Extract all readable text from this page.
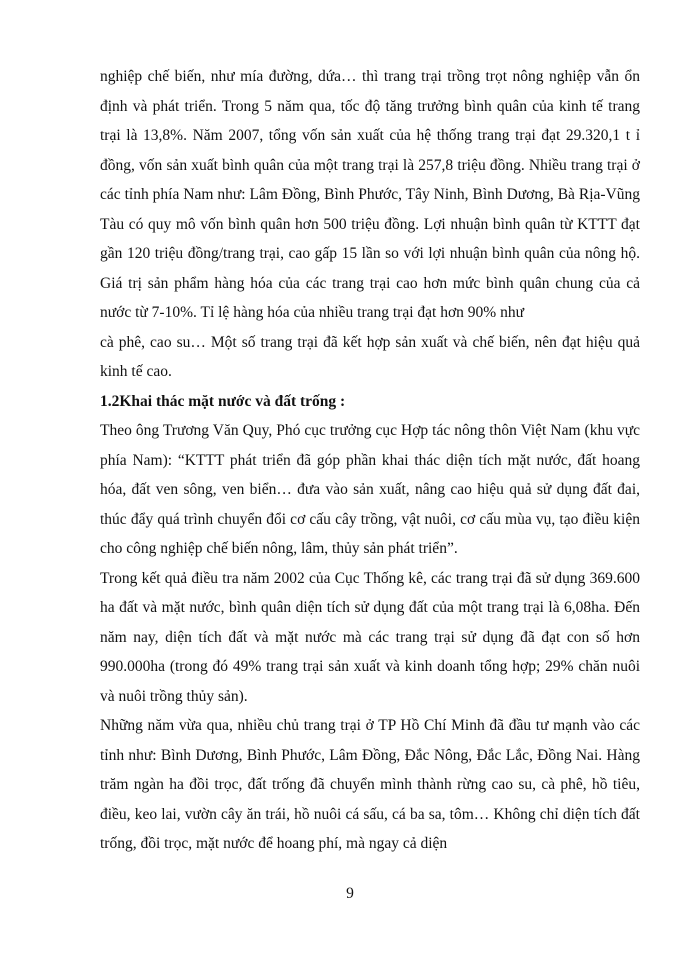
nghiệp chế biến, như mía đường, dứa… thì trang trại trồng trọt nông nghiệp vẫn ổn định và phát triển. Trong 5 năm qua, tốc độ tăng trưởng bình quân của kinh tế trang trại là 13,8%. Năm 2007, tổng vốn sản xuất của hệ thống trang trại đạt 29.320,1 t ỉ đồng, vốn sản xuất bình quân của một trang trại là 257,8 triệu đồng. Nhiều trang trại ở các tỉnh phía Nam như: Lâm Đồng, Bình Phước, Tây Ninh, Bình Dương, Bà Rịa-Vũng Tàu có quy mô vốn bình quân hơn 500 triệu đồng. Lợi nhuận bình quân từ KTTT đạt gần 120 triệu đồng/trang trại, cao gấp 15 lần so với lợi nhuận bình quân của nông hộ. Giá trị sản phẩm hàng hóa của các trang trại cao hơn mức bình quân chung của cả nước từ 7-10%. Tỉ lệ hàng hóa của nhiều trang trại đạt hơn 90% như

cà phê, cao su… Một số trang trại đã kết hợp sản xuất và chế biến, nên đạt hiệu quả kinh tế cao.

1.2Khai thác mặt nước và đất trống :

Theo ông Trương Văn Quy, Phó cục trưởng cục Hợp tác nông thôn Việt Nam (khu vực phía Nam): “KTTT phát triển đã góp phần khai thác diện tích mặt nước, đất hoang hóa, đất ven sông, ven biển… đưa vào sản xuất, nâng cao hiệu quả sử dụng đất đai, thúc đẩy quá trình chuyển đổi cơ cấu cây trồng, vật nuôi, cơ cấu mùa vụ, tạo điều kiện cho công nghiệp chế biến nông, lâm, thủy sản phát triển”.

Trong kết quả điều tra năm 2002 của Cục Thống kê, các trang trại đã sử dụng 369.600 ha đất và mặt nước, bình quân diện tích sử dụng đất của một trang trại là 6,08ha. Đến năm nay, diện tích đất và mặt nước mà các trang trại sử dụng đã đạt con số hơn 990.000ha (trong đó 49% trang trại sản xuất và kinh doanh tổng hợp; 29% chăn nuôi và nuôi trồng thủy sản).

Những năm vừa qua, nhiều chủ trang trại ở TP Hồ Chí Minh đã đầu tư mạnh vào các tỉnh như: Bình Dương, Bình Phước, Lâm Đồng, Đắc Nông, Đắc Lắc, Đồng Nai. Hàng trăm ngàn ha đồi trọc, đất trống đã chuyển mình thành rừng cao su, cà phê, hồ tiêu, điều, keo lai, vườn cây ăn trái, hồ nuôi cá sấu, cá ba sa, tôm… Không chỉ diện tích đất trống, đồi trọc, mặt nước để hoang phí, mà ngay cả diện

9
